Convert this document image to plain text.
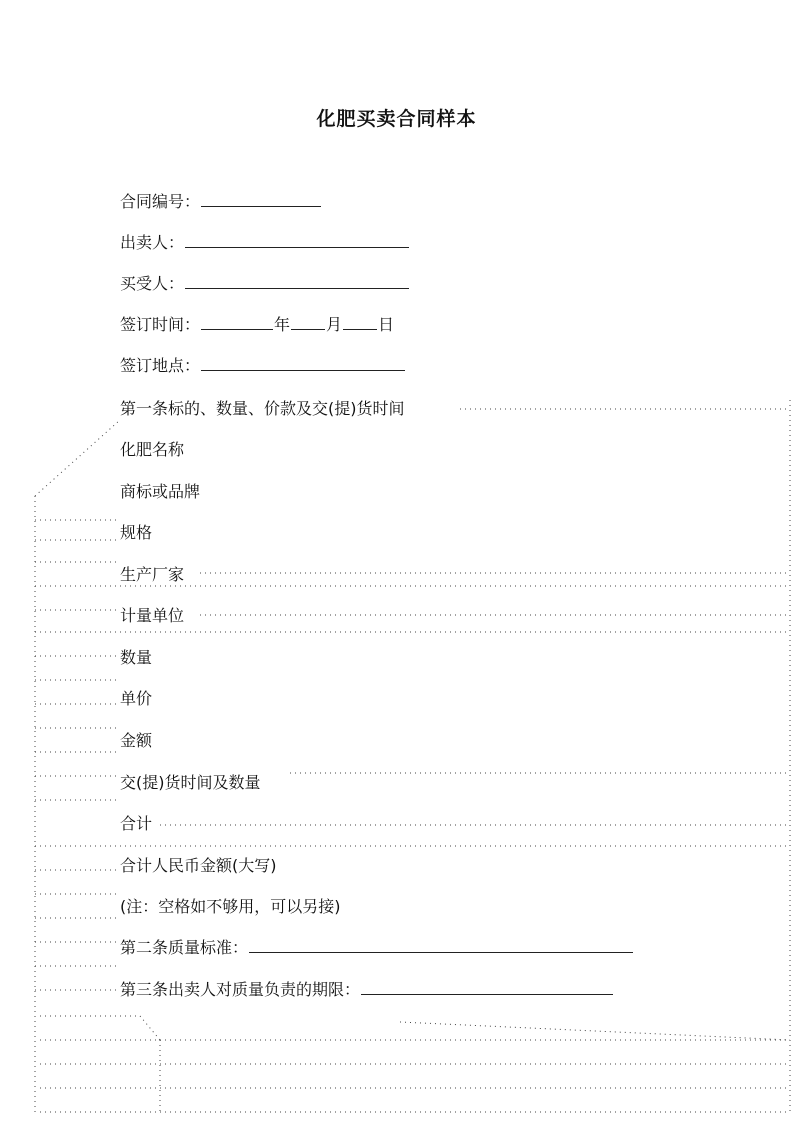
化肥买卖合同样本
合同编号：
出卖人：
买受人：
签订时间：	年 月 日
签订地点：
第一条标的、数量、价款及交(提)货时间
化肥名称
商标或品牌
规格
生产厂家
计量单位
数量
单价
金额
交(提)货时间及数量
合计
合计人民币金额(大写)
(注：空格如不够用，可以另接)
第二条质量标准：
第三条出卖人对质量负责的期限：
